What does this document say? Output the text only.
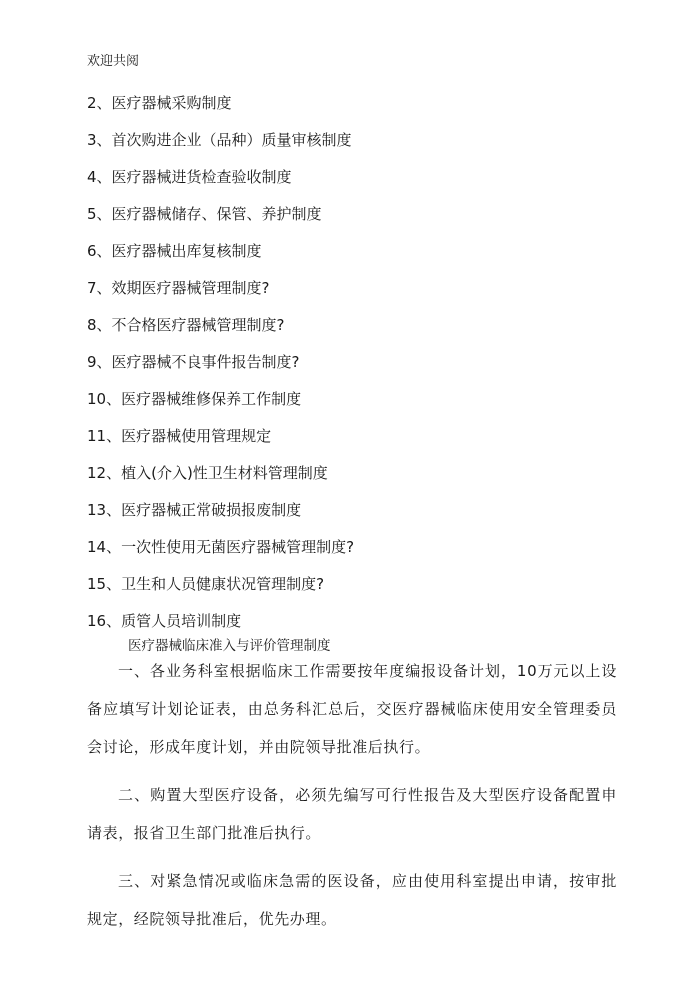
欢迎共阅
2、医疗器械采购制度
3、首次购进企业（品种）质量审核制度
4、医疗器械进货检查验收制度
5、医疗器械储存、保管、养护制度
6、医疗器械出库复核制度
7、效期医疗器械管理制度?
8、不合格医疗器械管理制度?
9、医疗器械不良事件报告制度?
10、医疗器械维修保养工作制度
11、医疗器械使用管理规定
12、植入(介入)性卫生材料管理制度
13、医疗器械正常破损报废制度
14、一次性使用无菌医疗器械管理制度?
15、卫生和人员健康状况管理制度?
16、质管人员培训制度
医疗器械临床准入与评价管理制度

一、各业务科室根据临床工作需要按年度编报设备计划，10万元以上设备应填写计划论证表，由总务科汇总后，交医疗器械临床使用安全管理委员会讨论，形成年度计划，并由院领导批准后执行。

二、购置大型医疗设备，必须先编写可行性报告及大型医疗设备配置申请表，报省卫生部门批准后执行。

三、对紧急情况或临床急需的医设备，应由使用科室提出申请，按审批规定，经院领导批准后，优先办理。
